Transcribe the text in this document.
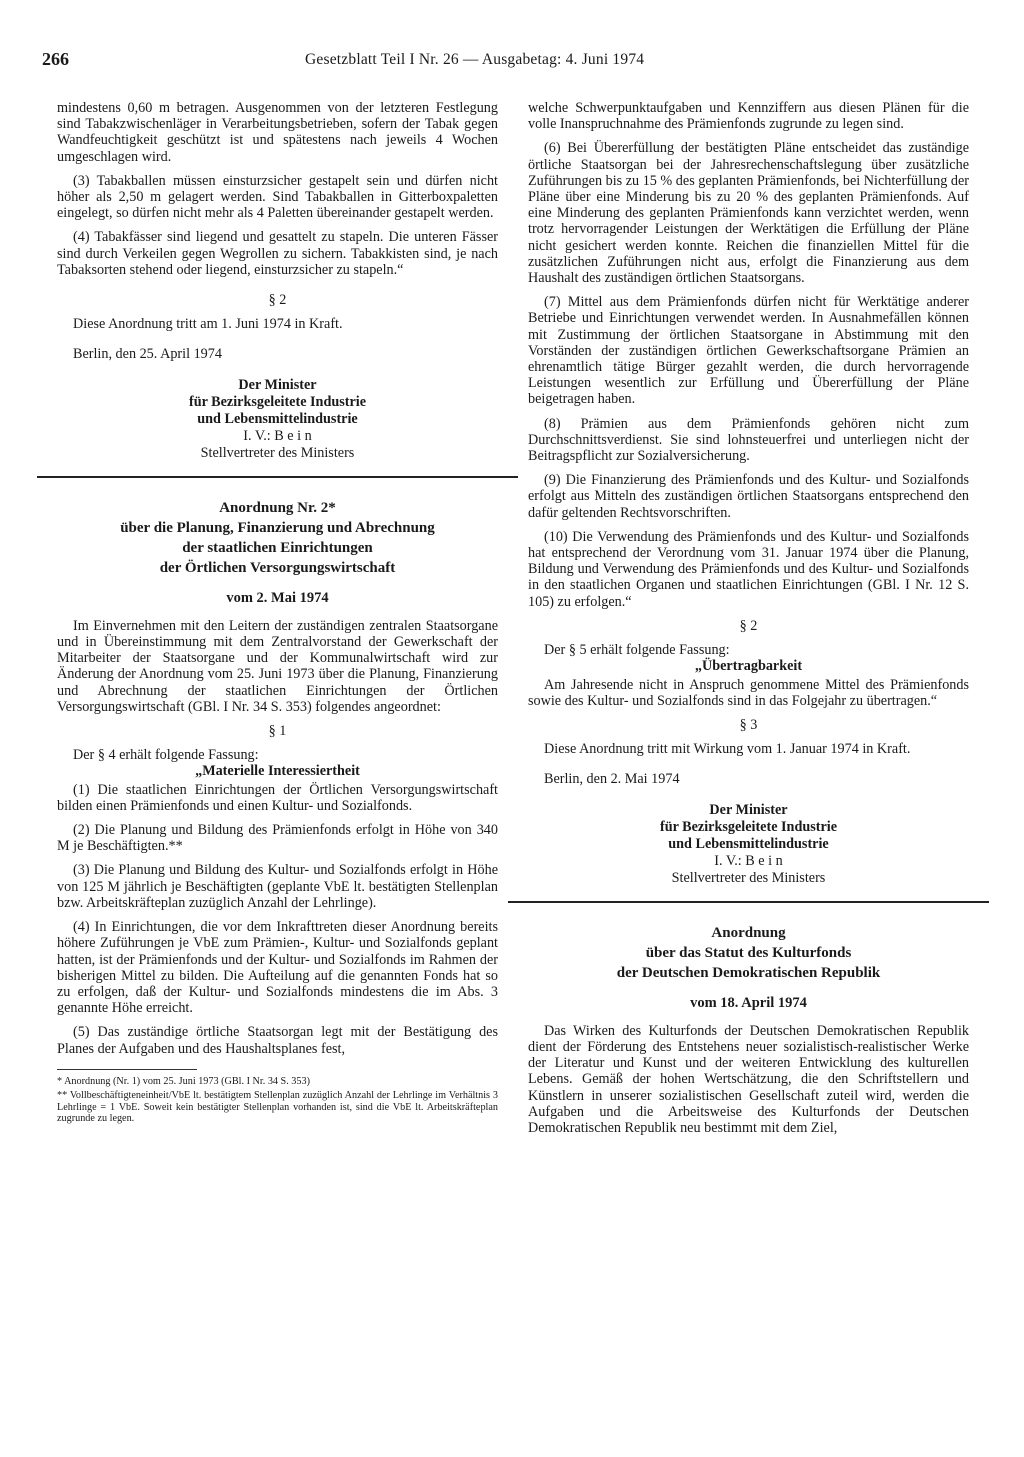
266	Gesetzblatt Teil I Nr. 26 — Ausgabetag: 4. Juni 1974

mindestens 0,60 m betragen. Ausgenommen von der letzteren Festlegung sind Tabakzwischenläger in Verarbeitungsbetrieben, sofern der Tabak gegen Wandfeuchtigkeit geschützt ist und spätestens nach jeweils 4 Wochen umgeschlagen wird.

(3) Tabakballen müssen einsturzsicher gestapelt sein und dürfen nicht höher als 2,50 m gelagert werden. Sind Tabakballen in Gitterboxpaletten eingelegt, so dürfen nicht mehr als 4 Paletten übereinander gestapelt werden.

(4) Tabakfässer sind liegend und gesattelt zu stapeln. Die unteren Fässer sind durch Verkeilen gegen Wegrollen zu sichern. Tabakkisten sind, je nach Tabaksorten stehend oder liegend, einsturzsicher zu stapeln.“

§ 2

Diese Anordnung tritt am 1. Juni 1974 in Kraft.

Berlin, den 25. April 1974

Der Minister
für Bezirksgeleitete Industrie
und Lebensmittelindustrie
I. V.: B e i n
Stellvertreter des Ministers
Anordnung Nr. 2*
über die Planung, Finanzierung und Abrechnung
der staatlichen Einrichtungen
der Örtlichen Versorgungswirtschaft
vom 2. Mai 1974

Im Einvernehmen mit den Leitern der zuständigen zentralen Staatsorgane und in Übereinstimmung mit dem Zentralvorstand der Gewerkschaft der Mitarbeiter der Staatsorgane und der Kommunalwirtschaft wird zur Änderung der Anordnung vom 25. Juni 1973 über die Planung, Finanzierung und Abrechnung der staatlichen Einrichtungen der Örtlichen Versorgungswirtschaft (GBl. I Nr. 34 S. 353) folgendes angeordnet:

§ 1

Der § 4 erhält folgende Fassung:

„Materielle Interessiertheit

(1) Die staatlichen Einrichtungen der Örtlichen Versorgungswirtschaft bilden einen Prämienfonds und einen Kultur- und Sozialfonds.

(2) Die Planung und Bildung des Prämienfonds erfolgt in Höhe von 340 M je Beschäftigten.**

(3) Die Planung und Bildung des Kultur- und Sozialfonds erfolgt in Höhe von 125 M jährlich je Beschäftigten (geplante VbE lt. bestätigten Stellenplan bzw. Arbeitskräfteplan zuzüglich Anzahl der Lehrlinge).

(4) In Einrichtungen, die vor dem Inkrafttreten dieser Anordnung bereits höhere Zuführungen je VbE zum Prämien-, Kultur- und Sozialfonds geplant hatten, ist der Prämienfonds und der Kultur- und Sozialfonds im Rahmen der bisherigen Mittel zu bilden. Die Aufteilung auf die genannten Fonds hat so zu erfolgen, daß der Kultur- und Sozialfonds mindestens die im Abs. 3 genannte Höhe erreicht.

(5) Das zuständige örtliche Staatsorgan legt mit der Bestätigung des Planes der Aufgaben und des Haushaltsplanes fest,

* Anordnung (Nr. 1) vom 25. Juni 1973 (GBl. I Nr. 34 S. 353)

** Vollbeschäftigteneinheit/VbE lt. bestätigtem Stellenplan zuzüglich Anzahl der Lehrlinge im Verhältnis 3 Lehrlinge = 1 VbE. Soweit kein bestätigter Stellenplan vorhanden ist, sind die VbE lt. Arbeitskräfteplan zugrunde zu legen.

welche Schwerpunktaufgaben und Kennziffern aus diesen Plänen für die volle Inanspruchnahme des Prämienfonds zugrunde zu legen sind.

(6) Bei Übererfüllung der bestätigten Pläne entscheidet das zuständige örtliche Staatsorgan bei der Jahresrechenschaftslegung über zusätzliche Zuführungen bis zu 15 % des geplanten Prämienfonds, bei Nichterfüllung der Pläne über eine Minderung bis zu 20 % des geplanten Prämienfonds. Auf eine Minderung des geplanten Prämienfonds kann verzichtet werden, wenn trotz hervorragender Leistungen der Werktätigen die Erfüllung der Pläne nicht gesichert werden konnte. Reichen die finanziellen Mittel für die zusätzlichen Zuführungen nicht aus, erfolgt die Finanzierung aus dem Haushalt des zuständigen örtlichen Staatsorgans.

(7) Mittel aus dem Prämienfonds dürfen nicht für Werktätige anderer Betriebe und Einrichtungen verwendet werden. In Ausnahmefällen können mit Zustimmung der örtlichen Staatsorgane in Abstimmung mit den Vorständen der zuständigen örtlichen Gewerkschaftsorgane Prämien an ehrenamtlich tätige Bürger gezahlt werden, die durch hervorragende Leistungen wesentlich zur Erfüllung und Übererfüllung der Pläne beigetragen haben.

(8) Prämien aus dem Prämienfonds gehören nicht zum Durchschnittsverdienst. Sie sind lohnsteuerfrei und unterliegen nicht der Beitragspflicht zur Sozialversicherung.

(9) Die Finanzierung des Prämienfonds und des Kultur- und Sozialfonds erfolgt aus Mitteln des zuständigen örtlichen Staatsorgans entsprechend den dafür geltenden Rechtsvorschriften.

(10) Die Verwendung des Prämienfonds und des Kultur- und Sozialfonds hat entsprechend der Verordnung vom 31. Januar 1974 über die Planung, Bildung und Verwendung des Prämienfonds und des Kultur- und Sozialfonds in den staatlichen Organen und staatlichen Einrichtungen (GBl. I Nr. 12 S. 105) zu erfolgen.“

§ 2

Der § 5 erhält folgende Fassung:

„Übertragbarkeit

Am Jahresende nicht in Anspruch genommene Mittel des Prämienfonds sowie des Kultur- und Sozialfonds sind in das Folgejahr zu übertragen.“

§ 3

Diese Anordnung tritt mit Wirkung vom 1. Januar 1974 in Kraft.

Berlin, den 2. Mai 1974

Der Minister
für Bezirksgeleitete Industrie
und Lebensmittelindustrie
I. V.: B e i n
Stellvertreter des Ministers
Anordnung
über das Statut des Kulturfonds
der Deutschen Demokratischen Republik
vom 18. April 1974

Das Wirken des Kulturfonds der Deutschen Demokratischen Republik dient der Förderung des Entstehens neuer sozialistisch-realistischer Werke der Literatur und Kunst und der weiteren Entwicklung des kulturellen Lebens. Gemäß der hohen Wertschätzung, die den Schriftstellern und Künstlern in unserer sozialistischen Gesellschaft zuteil wird, werden die Aufgaben und die Arbeitsweise des Kulturfonds der Deutschen Demokratischen Republik neu bestimmt mit dem Ziel,
